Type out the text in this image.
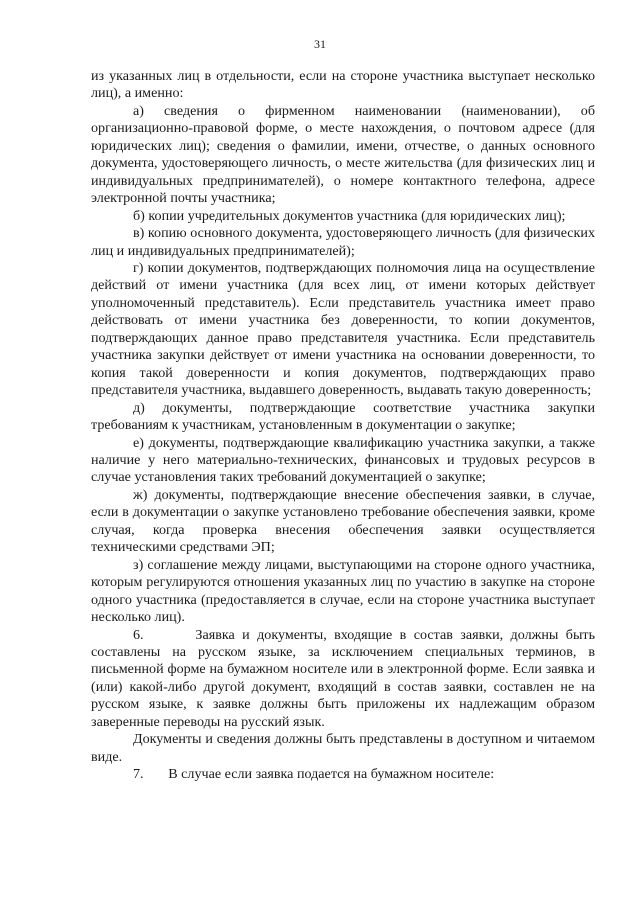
31

из указанных лиц в отдельности, если на стороне участника выступает несколько лиц), а именно:

а) сведения о фирменном наименовании (наименовании), об организационно-правовой форме, о месте нахождения, о почтовом адресе (для юридических лиц); сведения о фамилии, имени, отчестве, о данных основного документа, удостоверяющего личность, о месте жительства (для физических лиц и индивидуальных предпринимателей), о номере контактного телефона, адресе электронной почты участника;

б) копии учредительных документов участника (для юридических лиц);

в) копию основного документа, удостоверяющего личность (для физических лиц и индивидуальных предпринимателей);

г) копии документов, подтверждающих полномочия лица на осуществление действий от имени участника (для всех лиц, от имени которых действует уполномоченный представитель). Если представитель участника имеет право действовать от имени участника без доверенности, то копии документов, подтверждающих данное право представителя участника. Если представитель участника закупки действует от имени участника на основании доверенности, то копия такой доверенности и копия документов, подтверждающих право представителя участника, выдавшего доверенность, выдавать такую доверенность;

д) документы, подтверждающие соответствие участника закупки требованиям к участникам, установленным в документации о закупке;

е) документы, подтверждающие квалификацию участника закупки, а также наличие у него материально-технических, финансовых и трудовых ресурсов в случае установления таких требований документацией о закупке;

ж) документы, подтверждающие внесение обеспечения заявки, в случае, если в документации о закупке установлено требование обеспечения заявки, кроме случая, когда проверка внесения обеспечения заявки осуществляется техническими средствами ЭП;

з) соглашение между лицами, выступающими на стороне одного участника, которым регулируются отношения указанных лиц по участию в закупке на стороне одного участника (предоставляется в случае, если на стороне участника выступает несколько лиц).

6.       Заявка и документы, входящие в состав заявки, должны быть составлены на русском языке, за исключением специальных терминов, в письменной форме на бумажном носителе или в электронной форме. Если заявка и (или) какой-либо другой документ, входящий в состав заявки, составлен не на русском языке, к заявке должны быть приложены их надлежащим образом заверенные переводы на русский язык.

Документы и сведения должны быть представлены в доступном и читаемом виде.

7.       В случае если заявка подается на бумажном носителе:
